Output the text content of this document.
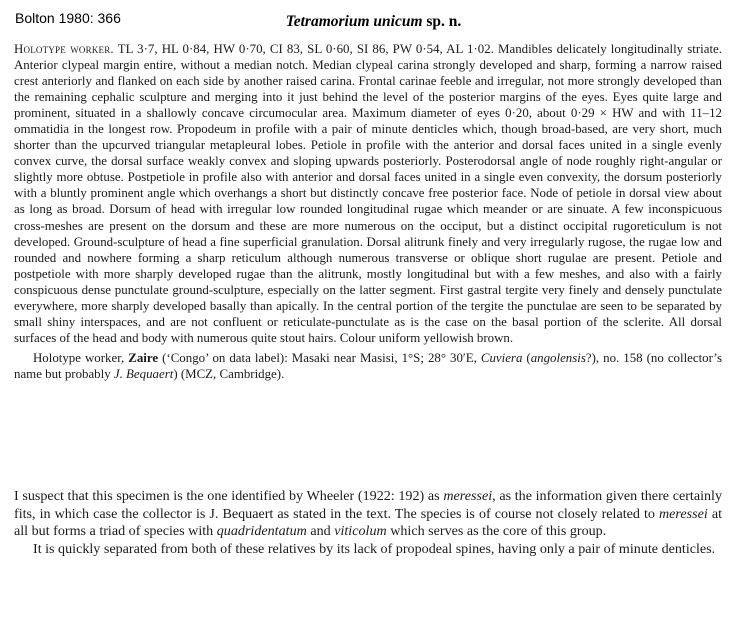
Bolton 1980: 366	Tetramorium unicum sp. n.

Holotype worker. TL 3·7, HL 0·84, HW 0·70, CI 83, SL 0·60, SI 86, PW 0·54, AL 1·02. Mandibles delicately longitudinally striate. Anterior clypeal margin entire, without a median notch. Median clypeal carina strongly developed and sharp, forming a narrow raised crest anteriorly and flanked on each side by another raised carina. Frontal carinae feeble and irregular, not more strongly developed than the remaining cephalic sculpture and merging into it just behind the level of the posterior margins of the eyes. Eyes quite large and prominent, situated in a shallowly concave circumocular area. Maximum diameter of eyes 0·20, about 0·29 × HW and with 11–12 ommatidia in the longest row. Propodeum in profile with a pair of minute denticles which, though broad-based, are very short, much shorter than the upcurved triangular metapleural lobes. Petiole in profile with the anterior and dorsal faces united in a single evenly convex curve, the dorsal surface weakly convex and sloping upwards posteriorly. Posterodorsal angle of node roughly right-angular or slightly more obtuse. Postpetiole in profile also with anterior and dorsal faces united in a single even convexity, the dorsum posteriorly with a bluntly prominent angle which overhangs a short but distinctly concave free posterior face. Node of petiole in dorsal view about as long as broad. Dorsum of head with irregular low rounded longitudinal rugae which meander or are sinuate. A few inconspicuous cross-meshes are present on the dorsum and these are more numerous on the occiput, but a distinct occipital rugoreticulum is not developed. Ground-sculpture of head a fine superficial granulation. Dorsal alitrunk finely and very irregularly rugose, the rugae low and rounded and nowhere forming a sharp reticulum although numerous transverse or oblique short rugulae are present. Petiole and postpetiole with more sharply developed rugae than the alitrunk, mostly longitudinal but with a few meshes, and also with a fairly conspicuous dense punctulate ground-sculpture, especially on the latter segment. First gastral tergite very finely and densely punctulate everywhere, more sharply developed basally than apically. In the central portion of the tergite the punctulae are seen to be separated by small shiny interspaces, and are not confluent or reticulate-punctulate as is the case on the basal portion of the sclerite. All dorsal surfaces of the head and body with numerous quite stout hairs. Colour uniform yellowish brown.

Holotype worker, Zaire (‘Congo’ on data label): Masaki near Masisi, 1°S; 28° 30′E, Cuviera (angolensis?), no. 158 (no collector’s name but probably J. Bequaert) (MCZ, Cambridge).

I suspect that this specimen is the one identified by Wheeler (1922: 192) as meressei, as the information given there certainly fits, in which case the collector is J. Bequaert as stated in the text. The species is of course not closely related to meressei at all but forms a triad of species with quadridentatum and viticolum which serves as the core of this group.

It is quickly separated from both of these relatives by its lack of propodeal spines, having only a pair of minute denticles.
